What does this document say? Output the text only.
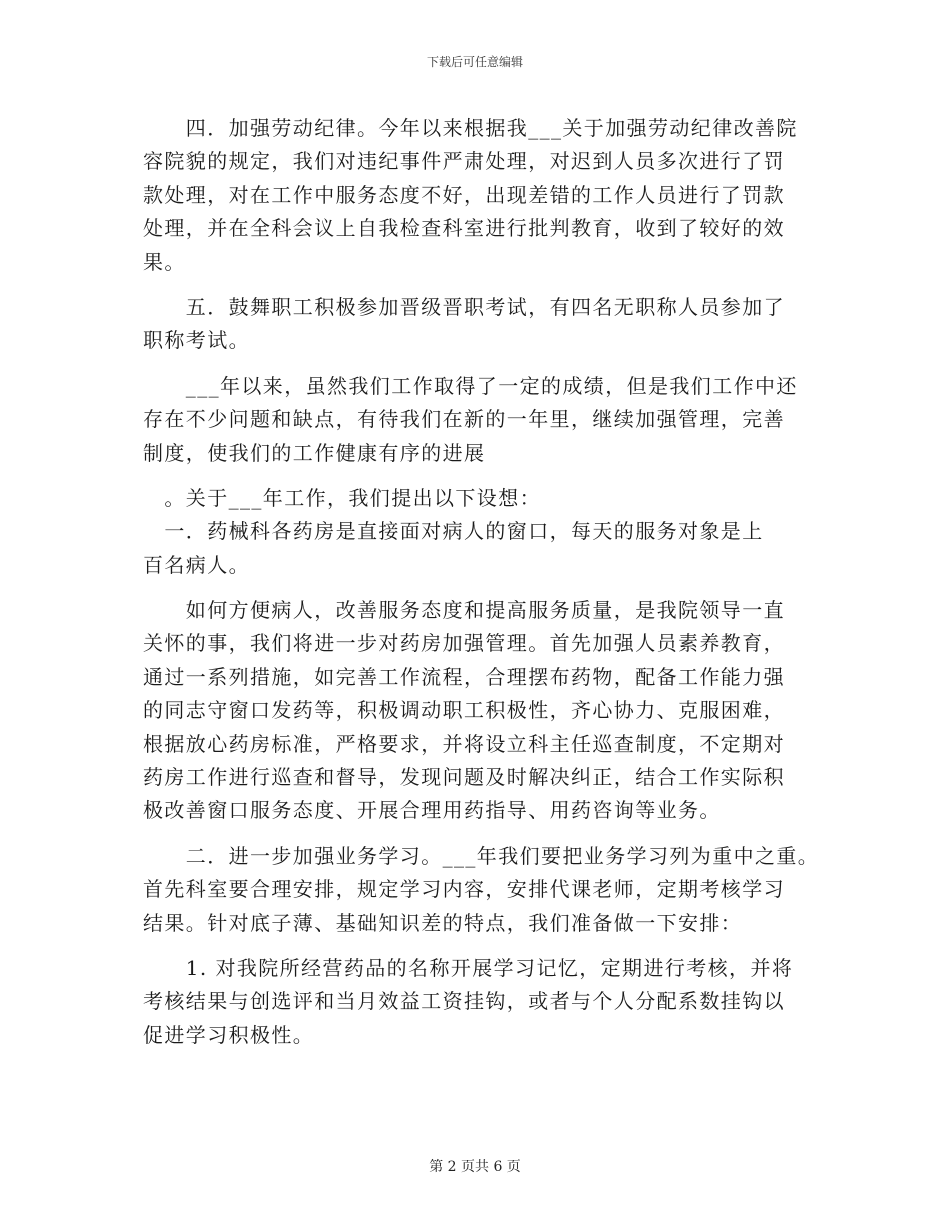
下载后可任意编辑
　　四．加强劳动纪律。今年以来根据我___关于加强劳动纪律改善院
容院貌的规定，我们对违纪事件严肃处理，对迟到人员多次进行了罚
款处理，对在工作中服务态度不好，出现差错的工作人员进行了罚款
处理，并在全科会议上自我检查科室进行批判教育，收到了较好的效
果。
　　五．鼓舞职工积极参加晋级晋职考试，有四名无职称人员参加了
职称考试。
　　___年以来，虽然我们工作取得了一定的成绩，但是我们工作中还
存在不少问题和缺点，有待我们在新的一年里，继续加强管理，完善
制度，使我们的工作健康有序的进展
　。关于___年工作，我们提出以下设想：
　一．药械科各药房是直接面对病人的窗口，每天的服务对象是上
百名病人。
　　如何方便病人，改善服务态度和提高服务质量，是我院领导一直
关怀的事，我们将进一步对药房加强管理。首先加强人员素养教育，
通过一系列措施，如完善工作流程，合理摆布药物，配备工作能力强
的同志守窗口发药等，积极调动职工积极性，齐心协力、克服困难，
根据放心药房标准，严格要求，并将设立科主任巡查制度，不定期对
药房工作进行巡查和督导，发现问题及时解决纠正，结合工作实际积
极改善窗口服务态度、开展合理用药指导、用药咨询等业务。
　　二．进一步加强业务学习。___年我们要把业务学习列为重中之重。
首先科室要合理安排，规定学习内容，安排代课老师，定期考核学习
结果。针对底子薄、基础知识差的特点，我们准备做一下安排：
　　1. 对我院所经营药品的名称开展学习记忆，定期进行考核，并将
考核结果与创选评和当月效益工资挂钩，或者与个人分配系数挂钩以
促进学习积极性。
第 2 页共 6 页
